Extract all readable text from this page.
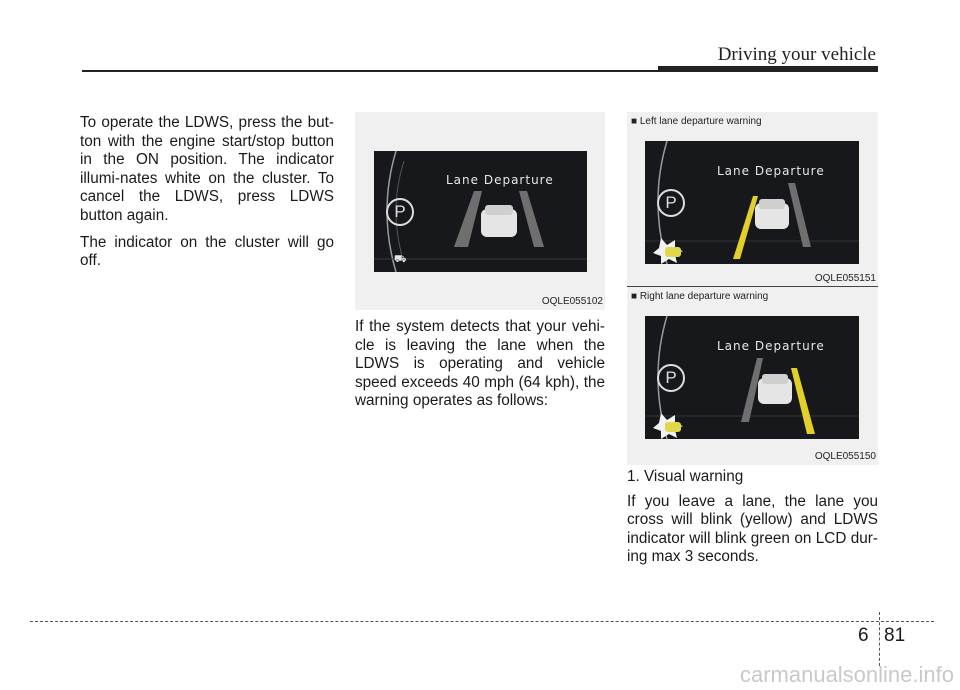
Driving your vehicle

To operate the LDWS, press the but-ton with the engine start/stop button in the ON position. The indicator illumi-nates white on the cluster. To cancel the LDWS, press LDWS button again.

The indicator on the cluster will go off.

P
Lane Departure
⛟
OQLE055102

If the system detects that your vehi-cle is leaving the lane when the LDWS is operating and vehicle speed exceeds 40 mph (64 kph), the warning operates as follows:

■ Left lane departure warning
P
Lane Departure
OQLE055151
■ Right lane departure warning
P
Lane Departure
OQLE055150

1. Visual warning

If you leave a lane, the lane you cross will blink (yellow) and LDWS indicator will blink green on LCD dur-ing max 3 seconds.

6 81
carmanualsonline.info
